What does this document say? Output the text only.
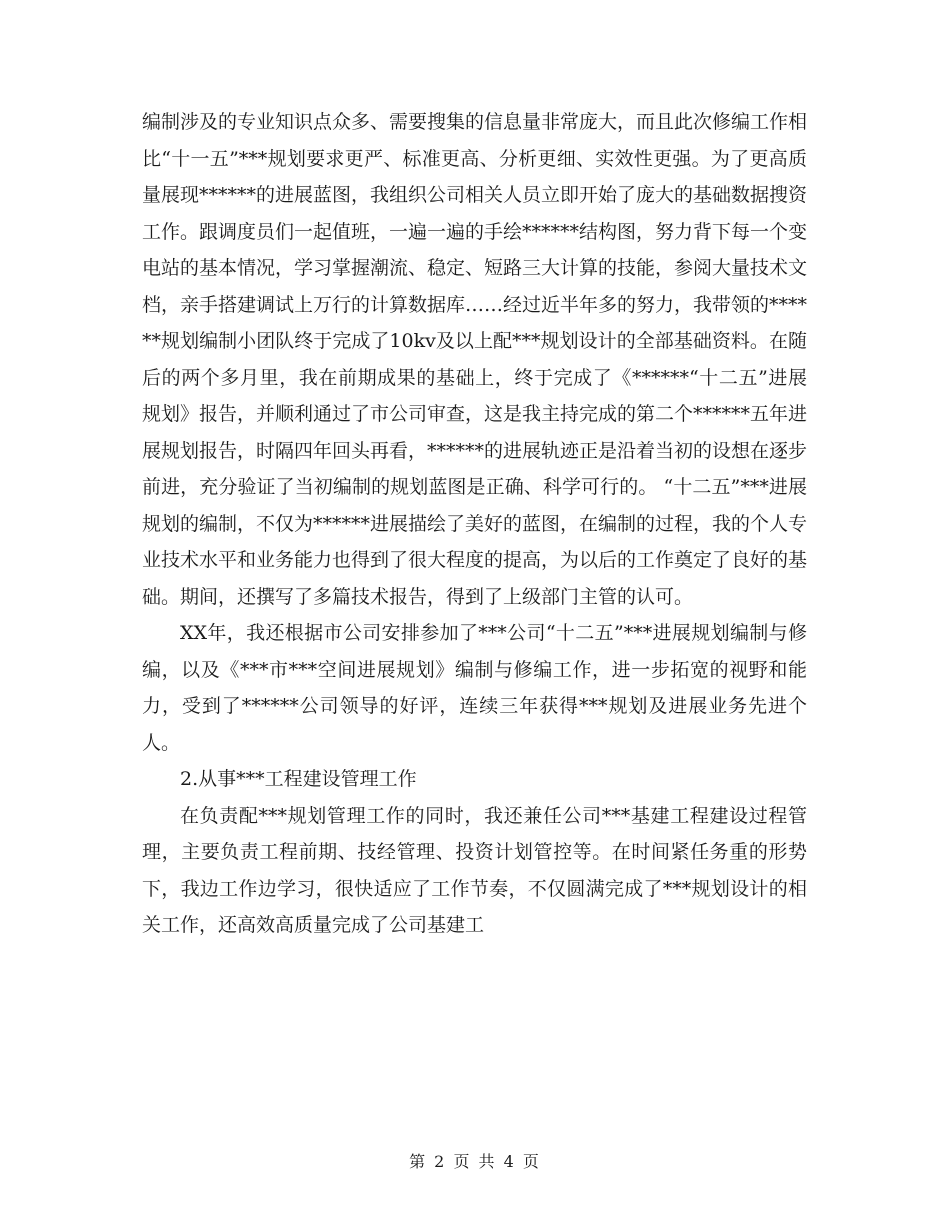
编制涉及的专业知识点众多、需要搜集的信息量非常庞大，而且此次修编工作相比“十一五”***规划要求更严、标准更高、分析更细、实效性更强。为了更高质量展现******的进展蓝图，我组织公司相关人员立即开始了庞大的基础数据搜资工作。跟调度员们一起值班，一遍一遍的手绘******结构图，努力背下每一个变电站的基本情况，学习掌握潮流、稳定、短路三大计算的技能，参阅大量技术文档，亲手搭建调试上万行的计算数据库……经过近半年多的努力，我带领的******规划编制小团队终于完成了10kv及以上配***规划设计的全部基础资料。在随后的两个多月里，我在前期成果的基础上，终于完成了《******“十二五”进展规划》报告，并顺利通过了市公司审查，这是我主持完成的第二个******五年进展规划报告，时隔四年回头再看，******的进展轨迹正是沿着当初的设想在逐步前进，充分验证了当初编制的规划蓝图是正确、科学可行的。 “十二五”***进展规划的编制，不仅为******进展描绘了美好的蓝图，在编制的过程，我的个人专业技术水平和业务能力也得到了很大程度的提高，为以后的工作奠定了良好的基础。期间，还撰写了多篇技术报告，得到了上级部门主管的认可。

XX年，我还根据市公司安排参加了***公司“十二五”***进展规划编制与修编，以及《***市***空间进展规划》编制与修编工作，进一步拓宽的视野和能力，受到了******公司领导的好评，连续三年获得***规划及进展业务先进个人。

2.从事***工程建设管理工作

在负责配***规划管理工作的同时，我还兼任公司***基建工程建设过程管理，主要负责工程前期、技经管理、投资计划管控等。在时间紧任务重的形势下，我边工作边学习，很快适应了工作节奏，不仅圆满完成了***规划设计的相关工作，还高效高质量完成了公司基建工

第 2 页 共 4 页
